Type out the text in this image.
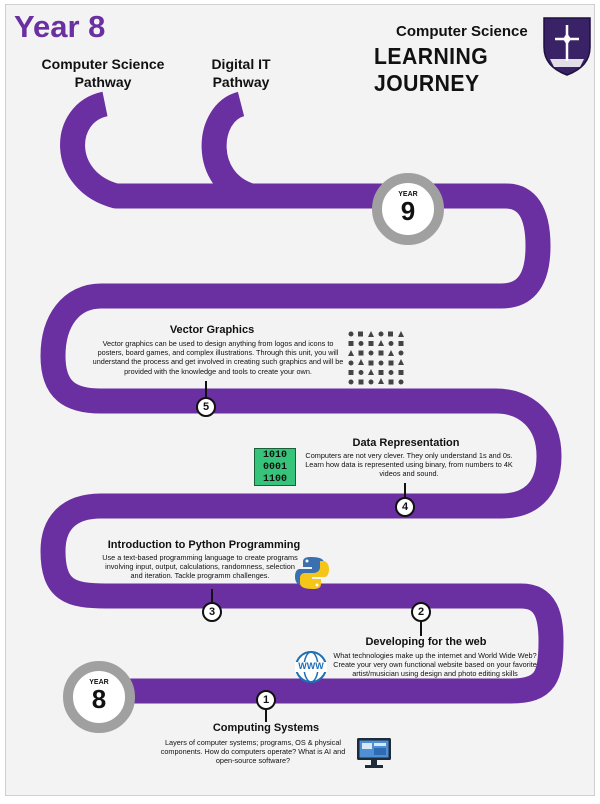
Year 8
Computer Science
Pathway
Digital IT
Pathway
Computer Science
LEARNING JOURNEY
YEAR
9
YEAR
8
Vector Graphics
Vector graphics can be used to design anything from logos and icons to posters, board games, and complex illustrations. Through this unit, you will understand the process and get involved in creating such graphics and will be provided with the knowledge and tools to create your own.
5
1010
0001
1100
Data Representation
Computers are not very clever. They only understand 1s and 0s. Learn how data is represented using binary, from numbers to 4K videos and sound.
4
Introduction to Python Programming
Use a text-based programming language to create programs involving input, output, calculations, randomness, selection and iteration. Tackle programm challenges.
3	2
Developing for the web
WWW
What technologies make up the internet and World Wide Web? Create your very own functional website based on your favorite artist/musician using design and photo editing skills
1
Computing Systems
Layers of computer systems; programs, OS & physical components. How do computers operate? What is AI and open-source software?
